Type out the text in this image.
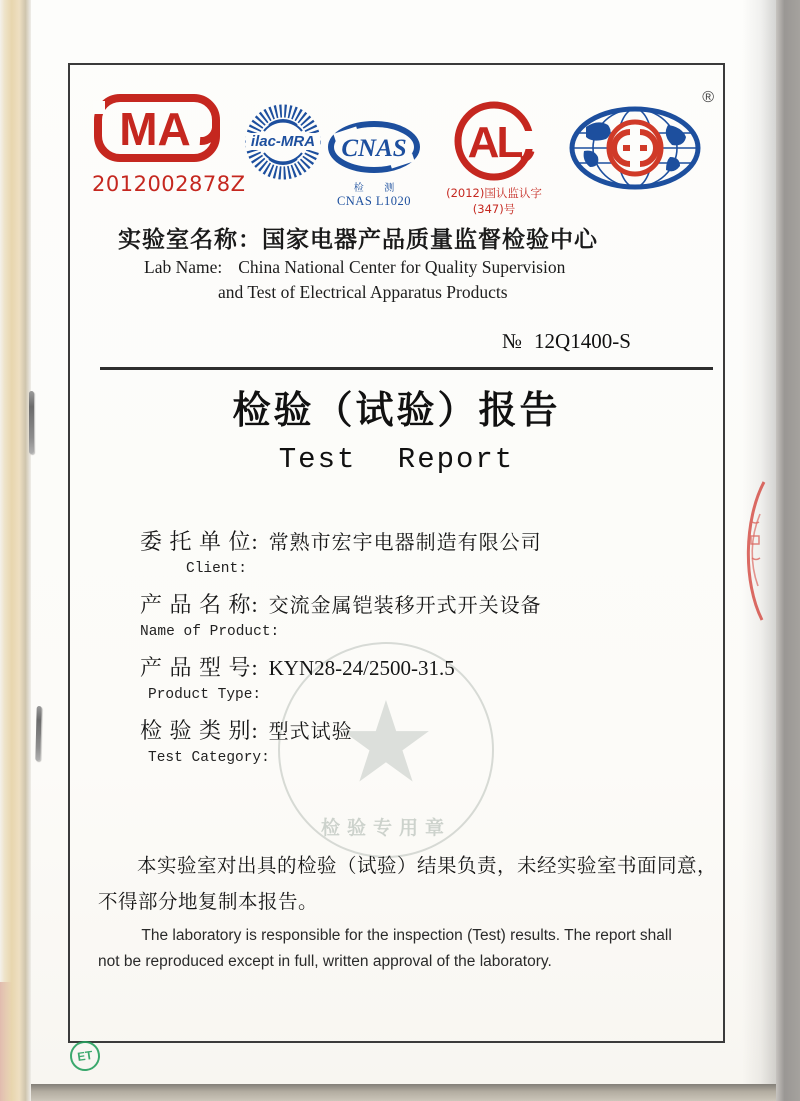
★
检验专用章
MA
2012002878Z
ilac-MRA CNAS
检 测
CNAS L1020
AL
(2012)国认监认字(347)号
®
实验室名称：国家电器产品质量监督检验中心
Lab Name: China National Center for Quality Supervision
and Test of Electrical Apparatus Products
№ 12Q1400-S
检验（试验）报告
Test Report
委 托 单 位: 常熟市宏宇电器制造有限公司
Client:
产 品 名 称: 交流金属铠装移开式开关设备
Name of Product:
产 品 型 号: KYN28-24/2500-31.5
Product Type:
检 验 类 别: 型式试验
Test Category:
本实验室对出具的检验（试验）结果负责，未经实验室书面同意，
不得部分地复制本报告。
The laboratory is responsible for the inspection (Test) results. The report shall
not be reproduced except in full, written approval of the laboratory.
ET
